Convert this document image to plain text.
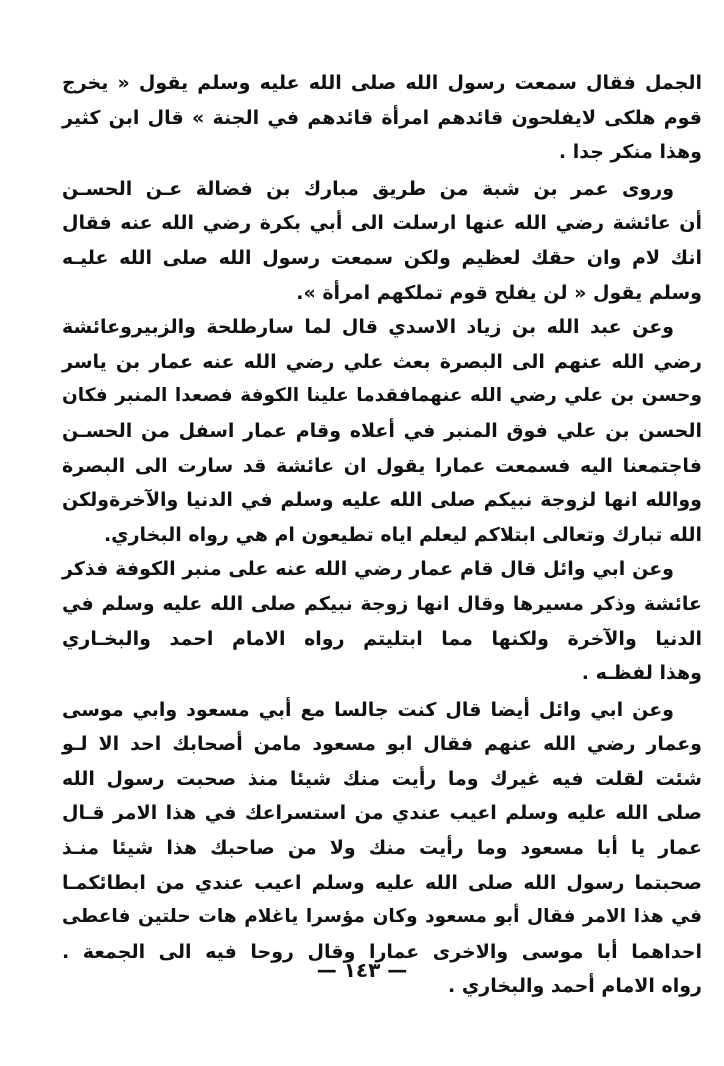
الجمل فقال سمعت رسول الله صلى الله عليه وسلم يقول « يخرج
قوم هلكى لايفلحون قائدهم امرأة قائدهم في الجنة » قال ابن كثير
وهذا منكر جدا .
وروى عمر بن شبة من طريق مبارك بن فضالة عـن الحسـن
أن عائشة رضي الله عنها ارسلت الى أبي بكرة رضي الله عنه فقال
انك لام وان حقك لعظيم ولكن سمعت رسول الله صلى الله عليـه
وسلم يقول « لن يفلح قوم تملكهم امرأة ».
وعن عبد الله بن زياد الاسدي قال لما سارطلحة والزبيروعائشة
رضي الله عنهم الى البصرة بعث علي رضي الله عنه عمار بن ياسر
وحسن بن علي رضي الله عنهمافقدما علينا الكوفة فصعدا المنبر فكان
الحسن بن علي فوق المنبر في أعلاه وقام عمار اسفل من الحسـن
فاجتمعنا اليه فسمعت عمارا يقول ان عائشة قد سارت الى البصرة
ووالله انها لزوجة نبيكم صلى الله عليه وسلم في الدنيا والآخرةولكن
الله تبارك وتعالى ابتلاكم ليعلم اياه تطيعون ام هي رواه البخاري.
وعن ابي وائل قال قام عمار رضي الله عنه على منبر الكوفة فذكر
عائشة وذكر مسيرها وقال انها زوجة نبيكم صلى الله عليه وسلم في
الدنيا والآخرة ولكنها مما ابتليتم رواه الامام احمد والبخـاري
وهذا لفظـه .
وعن ابي وائل أيضا قال كنت جالسا مع أبي مسعود وابي موسى
وعمار رضي الله عنهم فقال ابو مسعود مامن أصحابك احد الا لـو
شئت لقلت فيه غيرك وما رأيت منك شيئا منذ صحبت رسول الله
صلى الله عليه وسلم اعيب عندي من استسراعك في هذا الامر قـال
عمار يا أبا مسعود وما رأيت منك ولا من صاحبك هذا شيئا منـذ
صحبتما رسول الله صلى الله عليه وسلم اعيب عندي من ابطائكمـا
في هذا الامر فقال أبو مسعود وكان مؤسرا ياغلام هات حلتين فاعطى
احداهما أبا موسى والاخرى عمارا وقال روحا فيه الى الجمعة .
رواه الامام أحمد والبخاري .
— ١٤٣ —
